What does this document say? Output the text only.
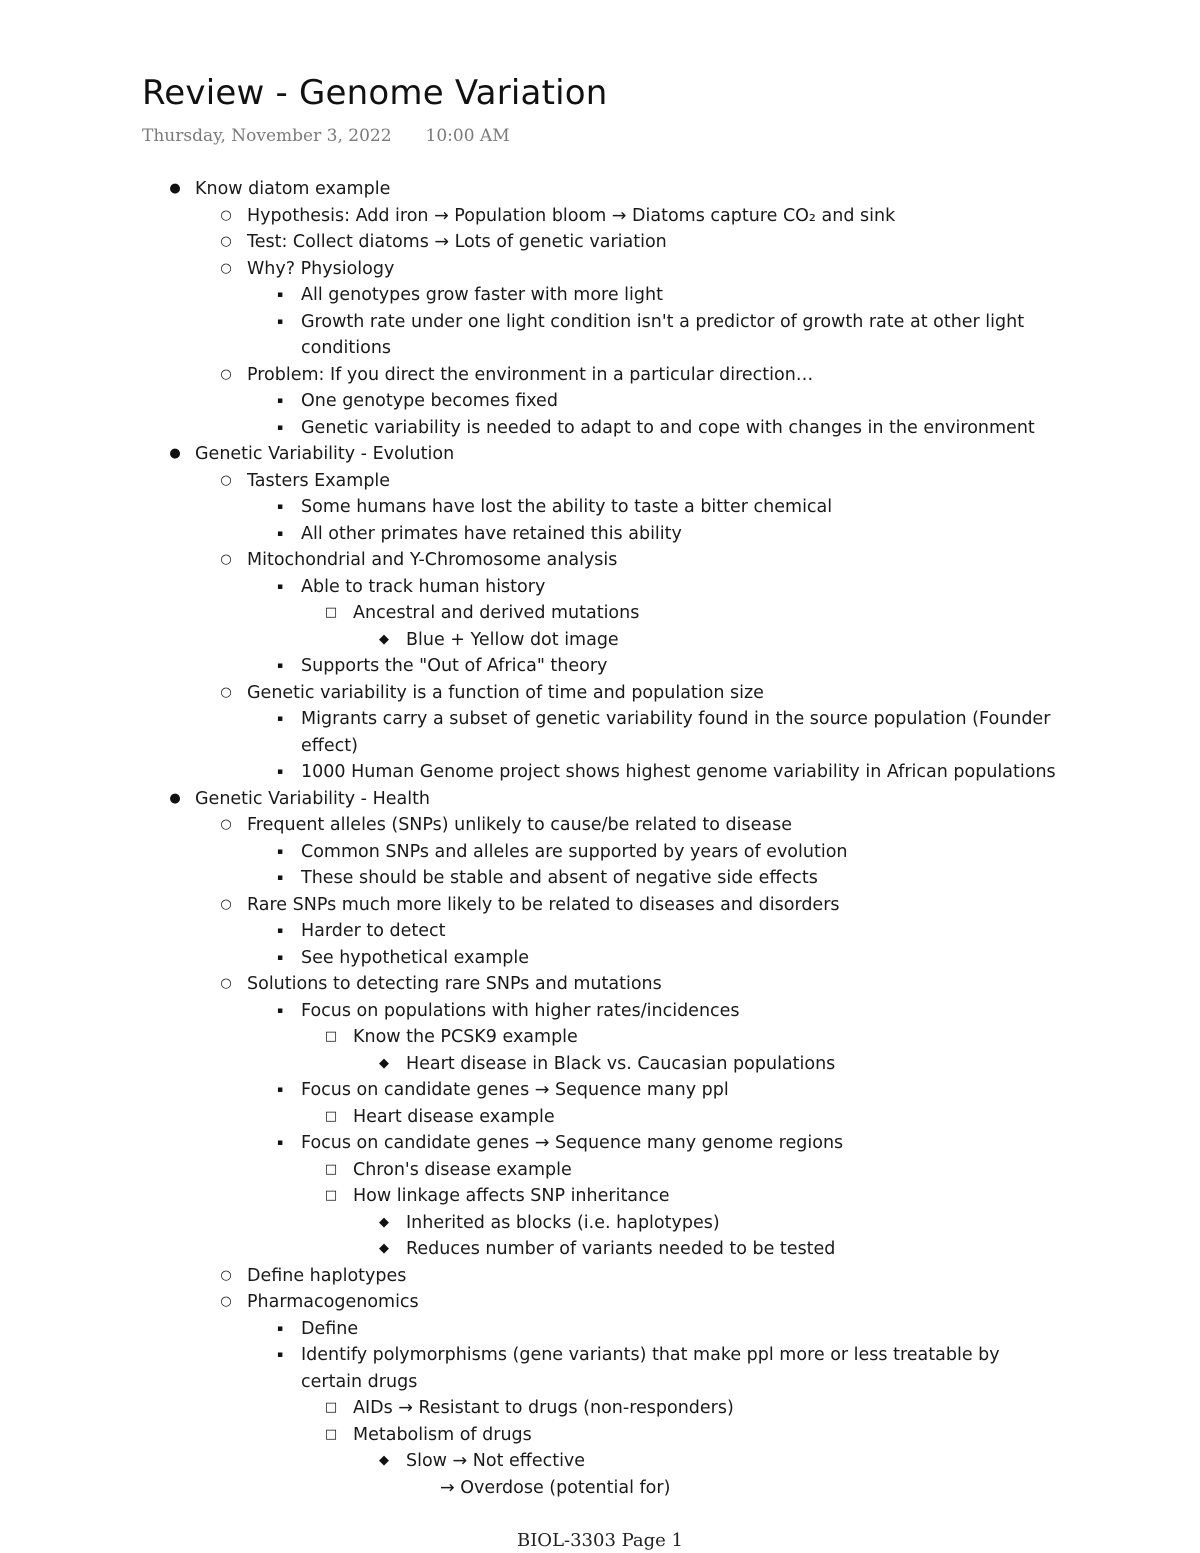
Review - Genome Variation
Thursday, November 3, 2022 10:00 AM
● Know diatom example
○ Hypothesis: Add iron → Population bloom → Diatoms capture CO₂ and sink
○ Test: Collect diatoms → Lots of genetic variation
○ Why? Physiology
▪ All genotypes grow faster with more light
▪ Growth rate under one light condition isn't a predictor of growth rate at other light
conditions
○ Problem: If you direct the environment in a particular direction…
▪ One genotype becomes fixed
▪ Genetic variability is needed to adapt to and cope with changes in the environment
● Genetic Variability - Evolution
○ Tasters Example
▪ Some humans have lost the ability to taste a bitter chemical
▪ All other primates have retained this ability
○ Mitochondrial and Y-Chromosome analysis
▪ Able to track human history
□ Ancestral and derived mutations
◆ Blue + Yellow dot image
▪ Supports the "Out of Africa" theory
○ Genetic variability is a function of time and population size
▪ Migrants carry a subset of genetic variability found in the source population (Founder
effect)
▪ 1000 Human Genome project shows highest genome variability in African populations
● Genetic Variability - Health
○ Frequent alleles (SNPs) unlikely to cause/be related to disease
▪ Common SNPs and alleles are supported by years of evolution
▪ These should be stable and absent of negative side effects
○ Rare SNPs much more likely to be related to diseases and disorders
▪ Harder to detect
▪ See hypothetical example
○ Solutions to detecting rare SNPs and mutations
▪ Focus on populations with higher rates/incidences
□ Know the PCSK9 example
◆ Heart disease in Black vs. Caucasian populations
▪ Focus on candidate genes → Sequence many ppl
□ Heart disease example
▪ Focus on candidate genes → Sequence many genome regions
□ Chron's disease example
□ How linkage affects SNP inheritance
◆ Inherited as blocks (i.e. haplotypes)
◆ Reduces number of variants needed to be tested
○ Define haplotypes
○ Pharmacogenomics
▪ Define
▪ Identify polymorphisms (gene variants) that make ppl more or less treatable by
certain drugs
□ AIDs → Resistant to drugs (non-responders)
□ Metabolism of drugs
◆ Slow → Not effective
→ Overdose (potential for)
BIOL-3303 Page 1
